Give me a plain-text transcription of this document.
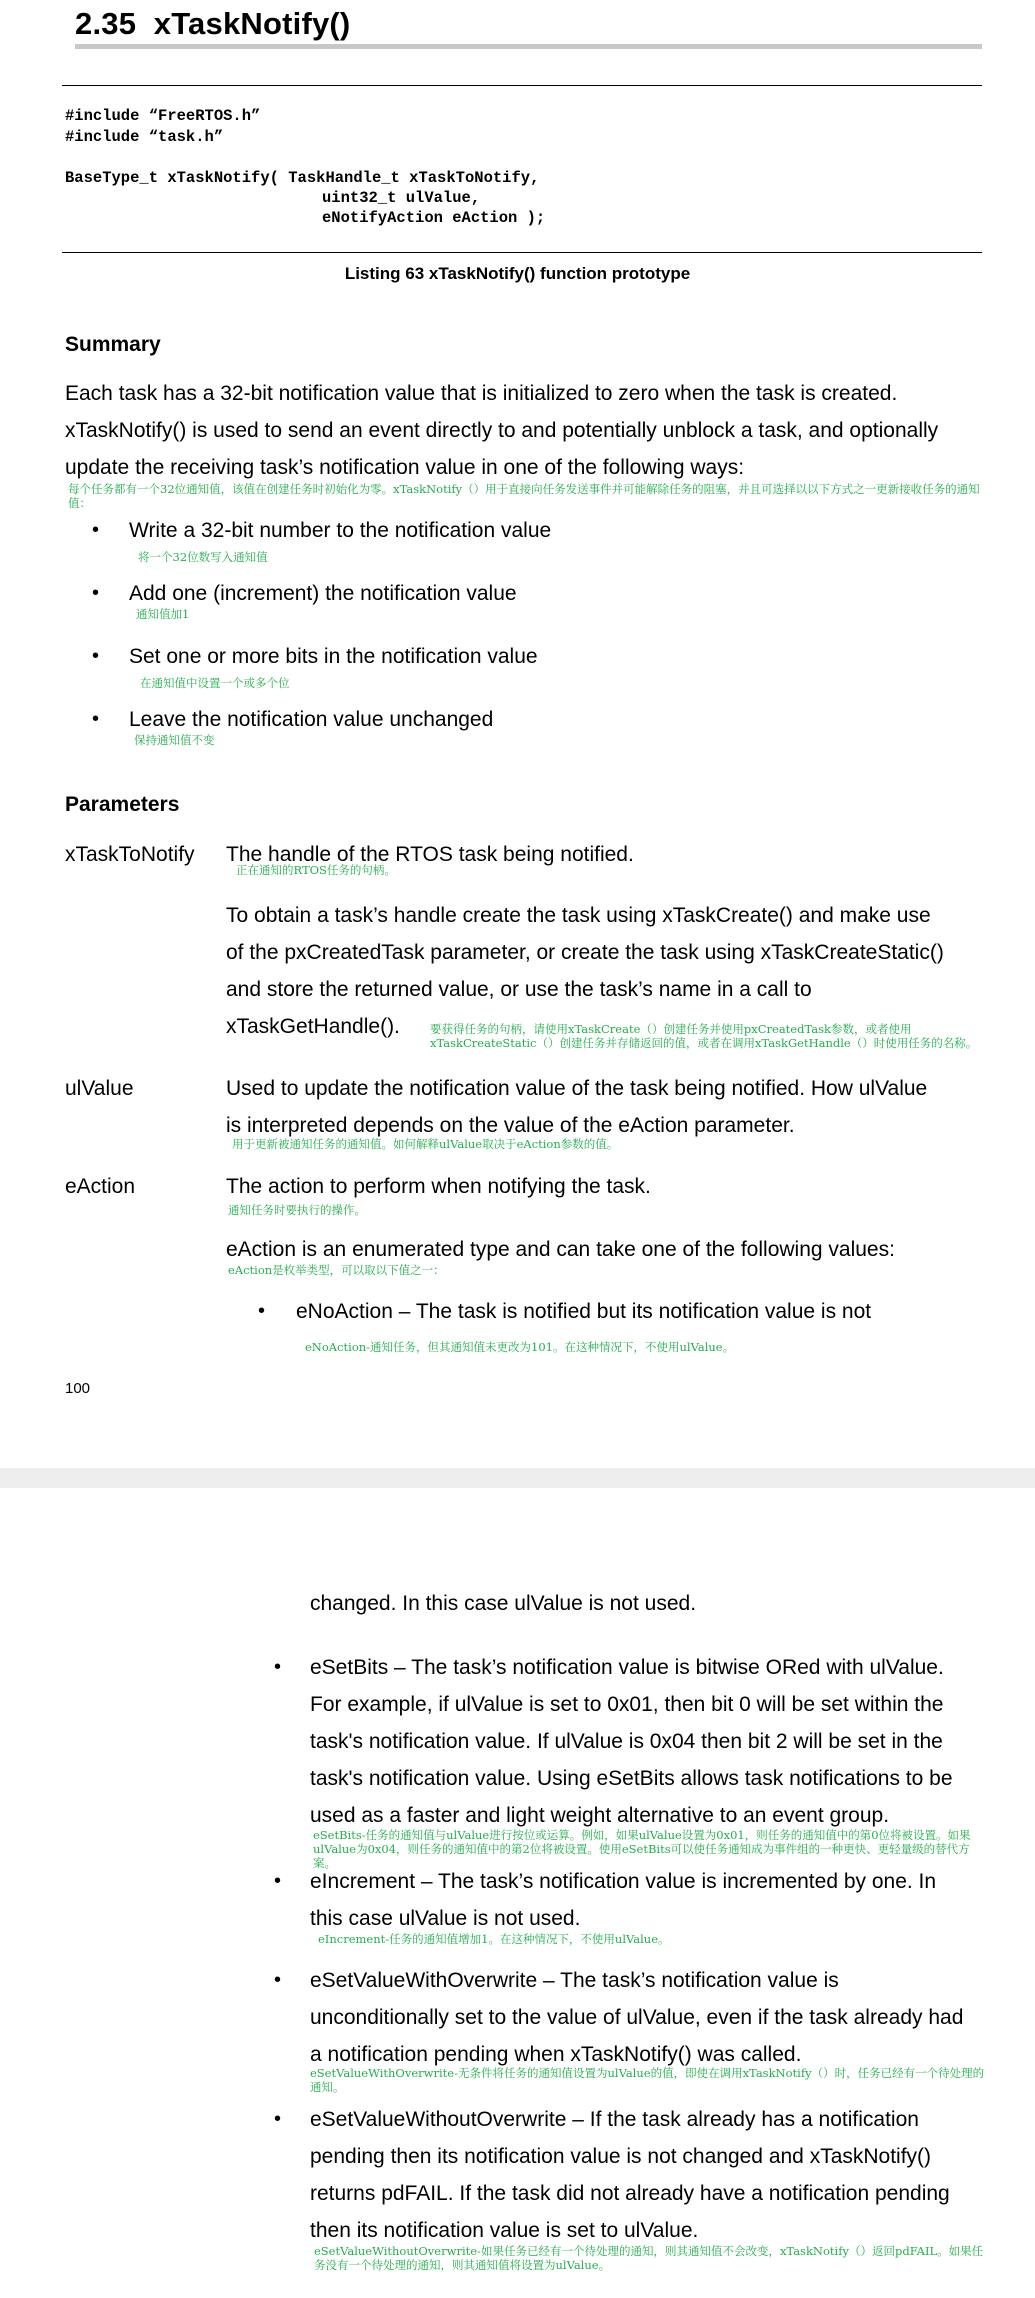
2.35 xTaskNotify()
#include “FreeRTOS.h”
#include “task.h”
BaseType_t xTaskNotify( TaskHandle_t xTaskToNotify,
uint32_t ulValue,
eNotifyAction eAction );
Listing 63 xTaskNotify() function prototype
Summary
Each task has a 32-bit notification value that is initialized to zero when the task is created.
xTaskNotify() is used to send an event directly to and potentially unblock a task, and optionally
update the receiving task’s notification value in one of the following ways:
每个任务都有一个32位通知值，该值在创建任务时初始化为零。xTaskNotify（）用于直接向任务发送事件并可能解除任务的阻塞，并且可选择以以下方式之一更新接收任务的通知值：
• Write a 32-bit number to the notification value
将一个32位数写入通知值
• Add one (increment) the notification value
通知值加1
• Set one or more bits in the notification value
在通知值中设置一个或多个位
• Leave the notification value unchanged
保持通知值不变
Parameters
xTaskToNotify The handle of the RTOS task being notified.
正在通知的RTOS任务的句柄。
To obtain a task’s handle create the task using xTaskCreate() and make use
of the pxCreatedTask parameter, or create the task using xTaskCreateStatic()
and store the returned value, or use the task’s name in a call to
xTaskGetHandle().	要获得任务的句柄，请使用xTaskCreate（）创建任务并使用pxCreatedTask参数，或者使用xTaskCreateStatic（）创建任务并存储返回的值，或者在调用xTaskGetHandle（）时使用任务的名称。
ulValue	Used to update the notification value of the task being notified. How ulValue
is interpreted depends on the value of the eAction parameter.
用于更新被通知任务的通知值。如何解释ulValue取决于eAction参数的值。
eAction	The action to perform when notifying the task.
通知任务时要执行的操作。
eAction is an enumerated type and can take one of the following values:
eAction是枚举类型，可以取以下值之一：
• eNoAction – The task is notified but its notification value is not
eNoAction-通知任务，但其通知值未更改为101。在这种情况下，不使用ulValue。
100
changed. In this case ulValue is not used.
• eSetBits – The task’s notification value is bitwise ORed with ulValue.
For example, if ulValue is set to 0x01, then bit 0 will be set within the
task's notification value. If ulValue is 0x04 then bit 2 will be set in the
task's notification value. Using eSetBits allows task notifications to be
used as a faster and light weight alternative to an event group.
eSetBits-任务的通知值与ulValue进行按位或运算。例如，如果ulValue设置为0x01，则任务的通知值中的第0位将被设置。如果ulValue为0x04，则任务的通知值中的第2位将被设置。使用eSetBits可以使任务通知成为事件组的一种更快、更轻量级的替代方案。
• eIncrement – The task’s notification value is incremented by one. In
this case ulValue is not used.
eIncrement-任务的通知值增加1。在这种情况下，不使用ulValue。
• eSetValueWithOverwrite – The task’s notification value is
unconditionally set to the value of ulValue, even if the task already had
a notification pending when xTaskNotify() was called.
eSetValueWithOverwrite-无条件将任务的通知值设置为ulValue的值，即使在调用xTaskNotify（）时，任务已经有一个待处理的通知。
• eSetValueWithoutOverwrite – If the task already has a notification
pending then its notification value is not changed and xTaskNotify()
returns pdFAIL. If the task did not already have a notification pending
then its notification value is set to ulValue.
eSetValueWithoutOverwrite-如果任务已经有一个待处理的通知，则其通知值不会改变，xTaskNotify（）返回pdFAIL。如果任务没有一个待处理的通知，则其通知值将设置为ulValue。
